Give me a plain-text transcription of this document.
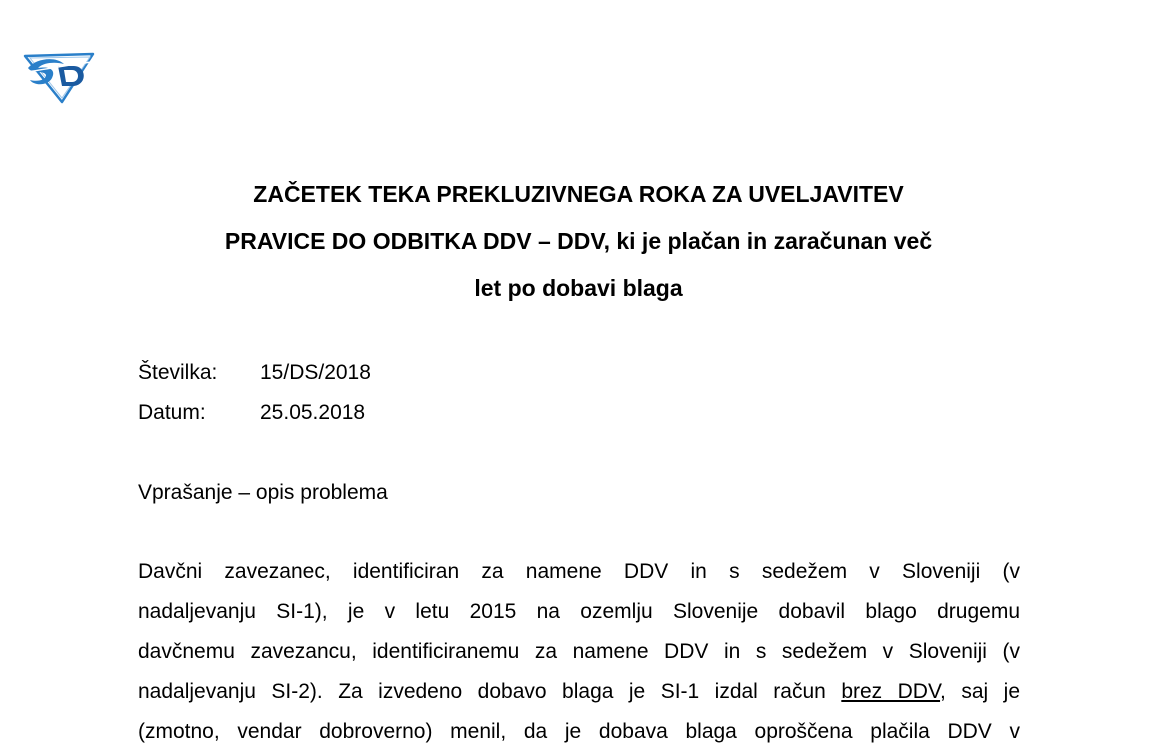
ZAČETEK TEKA PREKLUZIVNEGA ROKA ZA UVELJAVITEV
PRAVICE DO ODBITKA DDV – DDV, ki je plačan in zaračunan več
let po dobavi blaga
Številka: 15/DS/2018
Datum:	25.05.2018
Vprašanje – opis problema
Davčni zavezanec, identificiran za namene DDV in s sedežem v Sloveniji (v
nadaljevanju SI-1), je v letu 2015 na ozemlju Slovenije dobavil blago drugemu
davčnemu zavezancu, identificiranemu za namene DDV in s sedežem v Sloveniji (v
nadaljevanju SI-2). Za izvedeno dobavo blaga je SI-1 izdal račun brez DDV, saj je
(zmotno, vendar dobroverno) menil, da je dobava blaga oproščena plačila DDV v
